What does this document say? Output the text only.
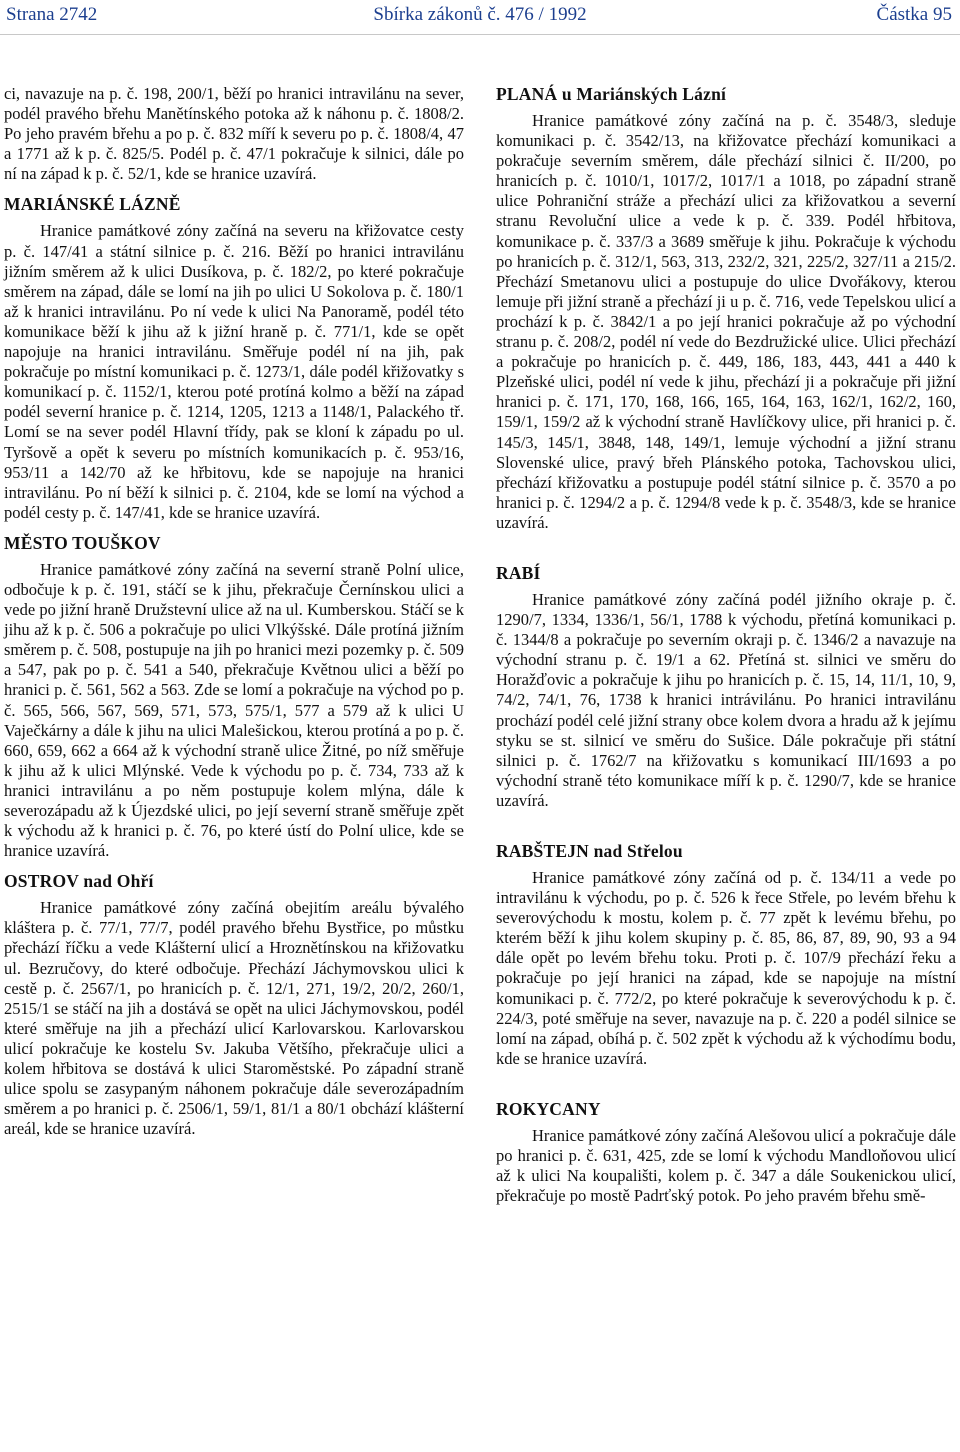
Strana 2742	Sbírka zákonů č. 476 / 1992	Částka 95

ci, navazuje na p. č. 198, 200/1, běží po hranici intravilánu na sever, podél pravého břehu Manětínského potoka až k náhonu p. č. 1808/2. Po jeho pravém břehu a po p. č. 832 míří k severu po p. č. 1808/4, 47 a 1771 až k p. č. 825/5. Podél p. č. 47/1 pokračuje k silnici, dále po ní na západ k p. č. 52/1, kde se hranice uzavírá.

MARIÁNSKÉ LÁZNĚ

Hranice památkové zóny začíná na severu na křižovatce cesty p. č. 147/41 a státní silnice p. č. 216. Běží po hranici intravilánu jižním směrem až k ulici Dusíkova, p. č. 182/2, po které pokračuje směrem na západ, dále se lomí na jih po ulici U Sokolova p. č. 180/1 až k hranici intravilánu. Po ní vede k ulici Na Panoramě, podél této komunikace běží k jihu až k jižní hraně p. č. 771/1, kde se opět napojuje na hranici intravilánu. Směřuje podél ní na jih, pak pokračuje po místní komunikaci p. č. 1273/1, dále podél křižovatky s komunikací p. č. 1152/1, kterou poté protíná kolmo a běží na západ podél severní hranice p. č. 1214, 1205, 1213 a 1148/1, Palackého tř. Lomí se na sever podél Hlavní třídy, pak se kloní k západu po ul. Tyršově a opět k severu po místních komunikacích p. č. 953/16, 953/11 a 142/70 až ke hřbitovu, kde se napojuje na hranici intravilánu. Po ní běží k silnici p. č. 2104, kde se lomí na východ a podél cesty p. č. 147/41, kde se hranice uzavírá.

MĚSTO TOUŠKOV

Hranice památkové zóny začíná na severní straně Polní ulice, odbočuje k p. č. 191, stáčí se k jihu, překračuje Černínskou ulici a vede po jižní hraně Družstevní ulice až na ul. Kumberskou. Stáčí se k jihu až k p. č. 506 a pokračuje po ulici Vlkýšské. Dále protíná jižním směrem p. č. 508, postupuje na jih po hranici mezi pozemky p. č. 509 a 547, pak po p. č. 541 a 540, překračuje Květnou ulici a běží po hranici p. č. 561, 562 a 563. Zde se lomí a pokračuje na východ po p. č. 565, 566, 567, 569, 571, 573, 575/1, 577 a 579 až k ulici U Vaječkárny a dále k jihu na ulici Malešickou, kterou protíná a po p. č. 660, 659, 662 a 664 až k východní straně ulice Žitné, po níž směřuje k jihu až k ulici Mlýnské. Vede k východu po p. č. 734, 733 až k hranici intravilánu a po něm postupuje kolem mlýna, dále k severozápadu až k Újezdské ulici, po její severní straně směřuje zpět k východu až k hranici p. č. 76, po které ústí do Polní ulice, kde se hranice uzavírá.

OSTROV nad Ohří

Hranice památkové zóny začíná obejitím areálu bývalého kláštera p. č. 77/1, 77/7, podél pravého břehu Bystřice, po můstku přechází říčku a vede Klášterní ulicí a Hroznětínskou na křižovatku ul. Bezručovy, do které odbočuje. Přechází Jáchymovskou ulici k cestě p. č. 2567/1, po hranicích p. č. 12/1, 271, 19/2, 20/2, 260/1, 2515/1 se stáčí na jih a dostává se opět na ulici Jáchymovskou, podél které směřuje na jih a přechází ulicí Karlovarskou. Karlovarskou ulicí pokračuje ke kostelu Sv. Jakuba Většího, překračuje ulici a kolem hřbitova se dostává k ulici Staroměstské. Po západní straně ulice spolu se zasypaným náhonem pokračuje dále severozápadním směrem a po hranici p. č. 2506/1, 59/1, 81/1 a 80/1 obchází klášterní areál, kde se hranice uzavírá.

PLANÁ u Mariánských Lázní

Hranice památkové zóny začíná na p. č. 3548/3, sleduje komunikaci p. č. 3542/13, na křižovatce přechází komunikaci a pokračuje severním směrem, dále přechází silnici č. II/200, po hranicích p. č. 1010/1, 1017/2, 1017/1 a 1018, po západní straně ulice Pohraniční stráže a přechází ulici za křižovatkou a severní stranu Revoluční ulice a vede k p. č. 339. Podél hřbitova, komunikace p. č. 337/3 a 3689 směřuje k jihu. Pokračuje k východu po hranicích p. č. 312/1, 563, 313, 232/2, 321, 225/2, 327/11 a 215/2. Přechází Smetanovu ulici a postupuje do ulice Dvořákovy, kterou lemuje při jižní straně a přechází ji u p. č. 716, vede Tepelskou ulicí a prochází k p. č. 3842/1 a po její hranici pokračuje až po východní stranu p. č. 208/2, podél ní vede do Bezdružické ulice. Ulici přechází a pokračuje po hranicích p. č. 449, 186, 183, 443, 441 a 440 k Plzeňské ulici, podél ní vede k jihu, přechází ji a pokračuje při jižní hranici p. č. 171, 170, 168, 166, 165, 164, 163, 162/1, 162/2, 160, 159/1, 159/2 až k východní straně Havlíčkovy ulice, při hranici p. č. 145/3, 145/1, 3848, 148, 149/1, lemuje východní a jižní stranu Slovenské ulice, pravý břeh Plánského potoka, Tachovskou ulici, přechází křižovatku a postupuje podél státní silnice p. č. 3570 a po hranici p. č. 1294/2 a p. č. 1294/8 vede k p. č. 3548/3, kde se hranice uzavírá.

RABÍ

Hranice památkové zóny začíná podél jižního okraje p. č. 1290/7, 1334, 1336/1, 56/1, 1788 k východu, přetíná komunikaci p. č. 1344/8 a pokračuje po severním okraji p. č. 1346/2 a navazuje na východní stranu p. č. 19/1 a 62. Přetíná st. silnici ve směru do Horažďovic a pokračuje k jihu po hranicích p. č. 15, 14, 11/1, 10, 9, 74/2, 74/1, 76, 1738 k hranici intrávilánu. Po hranici intravilánu prochází podél celé jižní strany obce kolem dvora a hradu až k jejímu styku se st. silnicí ve směru do Sušice. Dále pokračuje při státní silnici p. č. 1762/7 na křižovatku s komunikací III/1693 a po východní straně této komunikace míří k p. č. 1290/7, kde se hranice uzavírá.

RABŠTEJN nad Střelou

Hranice památkové zóny začíná od p. č. 134/11 a vede po intravilánu k východu, po p. č. 526 k řece Střele, po levém břehu k severovýchodu k mostu, kolem p. č. 77 zpět k levému břehu, po kterém běží k jihu kolem skupiny p. č. 85, 86, 87, 89, 90, 93 a 94 dále opět po levém břehu toku. Proti p. č. 107/9 přechází řeku a pokračuje po její hranici na západ, kde se napojuje na místní komunikaci p. č. 772/2, po které pokračuje k severovýchodu k p. č. 224/3, poté směřuje na sever, navazuje na p. č. 220 a podél silnice se lomí na západ, obíhá p. č. 502 zpět k východu až k východímu bodu, kde se hranice uzavírá.

ROKYCANY

Hranice památkové zóny začíná Alešovou ulicí a pokračuje dále po hranici p. č. 631, 425, zde se lomí k východu Mandloňovou ulicí až k ulici Na koupališti, kolem p. č. 347 a dále Soukenickou ulicí, překračuje po mostě Padrťský potok. Po jeho pravém břehu smě-
